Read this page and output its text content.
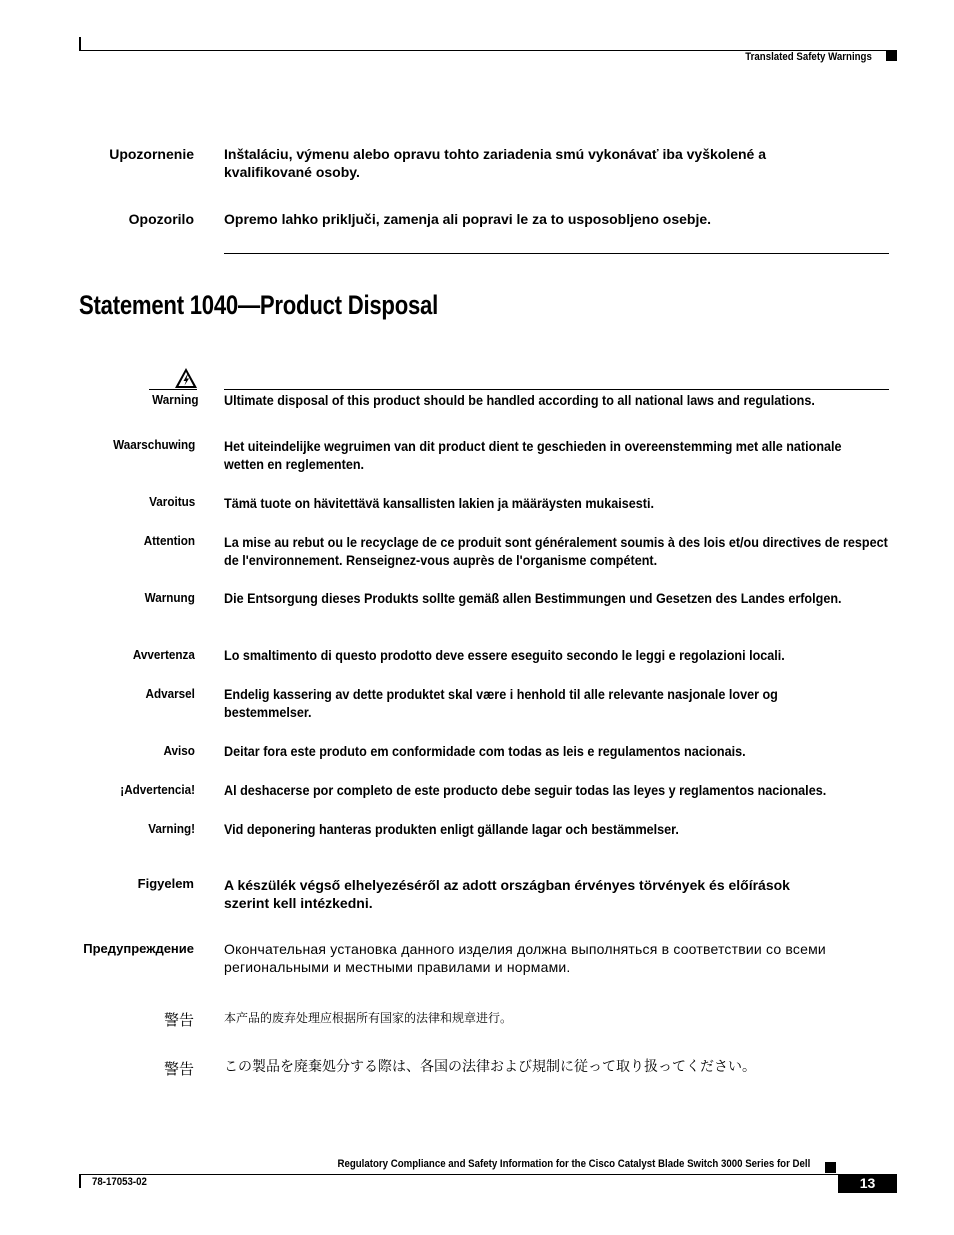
Translated Safety Warnings
Upozornenie Inštaláciu, výmenu alebo opravu tohto zariadenia smú vykonávať iba vyškolené a kvalifikované osoby.
Opozorilo Opremo lahko priključi, zamenja ali popravi le za to usposobljeno osebje.
Statement 1040—Product Disposal
Warning Ultimate disposal of this product should be handled according to all national laws and regulations.
Waarschuwing Het uiteindelijke wegruimen van dit product dient te geschieden in overeenstemming met alle nationale wetten en reglementen.
Varoitus Tämä tuote on hävitettävä kansallisten lakien ja määräysten mukaisesti.
Attention La mise au rebut ou le recyclage de ce produit sont généralement soumis à des lois et/ou directives de respect de l'environnement. Renseignez-vous auprès de l'organisme compétent.
Warnung Die Entsorgung dieses Produkts sollte gemäß allen Bestimmungen und Gesetzen des Landes erfolgen.
Avvertenza Lo smaltimento di questo prodotto deve essere eseguito secondo le leggi e regolazioni locali.
Advarsel Endelig kassering av dette produktet skal være i henhold til alle relevante nasjonale lover og bestemmelser.
Aviso Deitar fora este produto em conformidade com todas as leis e regulamentos nacionais.
¡Advertencia! Al deshacerse por completo de este producto debe seguir todas las leyes y reglamentos nacionales.
Varning! Vid deponering hanteras produkten enligt gällande lagar och bestämmelser.
Figyelem A készülék végső elhelyezéséről az adott országban érvényes törvények és előírások szerint kell intézkedni.
Предупреждение Окончательная установка данного изделия должна выполняться в соответствии со всеми региональными и местными правилами и нормами.
警告	本产品的废弃处理应根据所有国家的法律和规章进行。
警告 この製品を廃棄処分する際は、各国の法律および規制に従って取り扱ってください。
Regulatory Compliance and Safety Information for the Cisco Catalyst Blade Switch 3000 Series for Dell
78-17053-02	13
